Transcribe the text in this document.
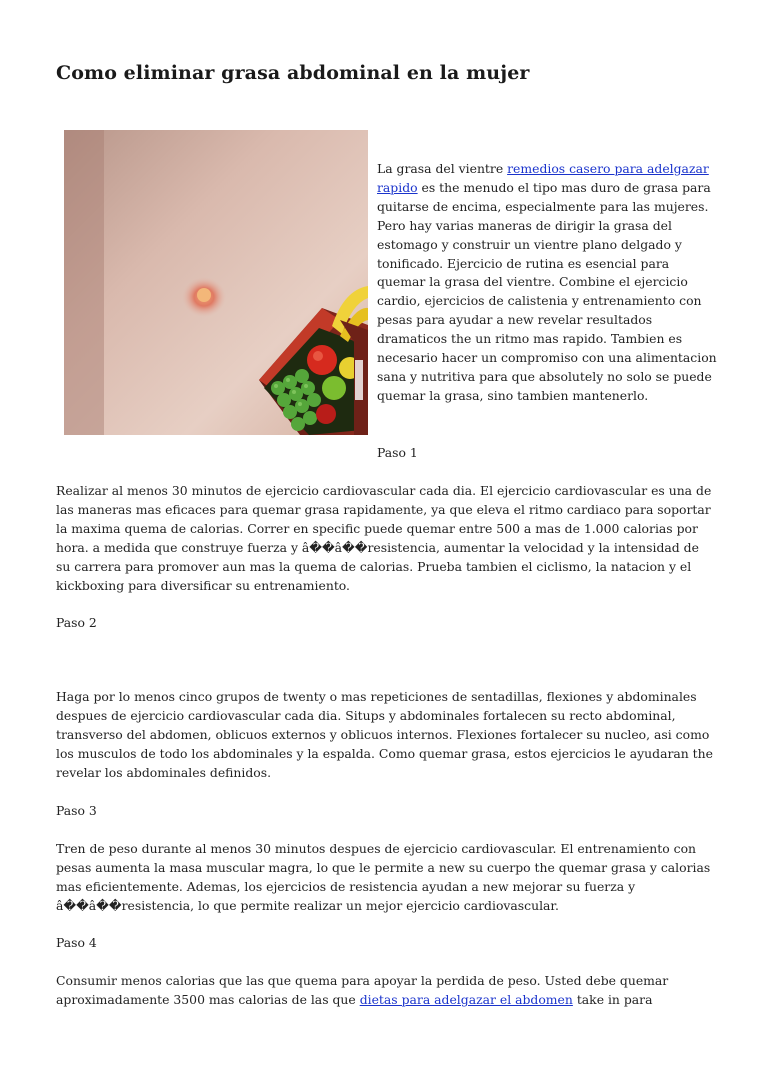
Como eliminar grasa abdominal en la mujer

La grasa del vientre remedios casero para adelgazar rapido es the menudo el tipo mas duro de grasa para quitarse de encima, especialmente para las mujeres. Pero hay varias maneras de dirigir la grasa del estomago y construir un vientre plano delgado y tonificado. Ejercicio de rutina es esencial para quemar la grasa del vientre. Combine el ejercicio cardio, ejercicios de calistenia y entrenamiento con pesas para ayudar a new revelar resultados dramaticos the un ritmo mas rapido. Tambien es necesario hacer un compromiso con una alimentacion sana y nutritiva para que absolutely no solo se puede quemar la grasa, sino tambien mantenerlo.

Paso 1

Realizar al menos 30 minutos de ejercicio cardiovascular cada dia. El ejercicio cardiovascular es una de las maneras mas eficaces para quemar grasa rapidamente, ya que eleva el ritmo cardiaco para soportar la maxima quema de calorias. Correr en specific puede quemar entre 500 a mas de 1.000 calorias por hora. a medida que construye fuerza y â��â��resistencia, aumentar la velocidad y la intensidad de su carrera para promover aun mas la quema de calorias. Prueba tambien el ciclismo, la natacion y el kickboxing para diversificar su entrenamiento.

Paso 2

Haga por lo menos cinco grupos de twenty o mas repeticiones de sentadillas, flexiones y abdominales despues de ejercicio cardiovascular cada dia. Situps y abdominales fortalecen su recto abdominal, transverso del abdomen, oblicuos externos y oblicuos internos. Flexiones fortalecer su nucleo, asi como los musculos de todo los abdominales y la espalda. Como quemar grasa, estos ejercicios le ayudaran the revelar los abdominales definidos.

Paso 3

Tren de peso durante al menos 30 minutos despues de ejercicio cardiovascular. El entrenamiento con pesas aumenta la masa muscular magra, lo que le permite a new su cuerpo the quemar grasa y calorias mas eficientemente. Ademas, los ejercicios de resistencia ayudan a new mejorar su fuerza y â��â��resistencia, lo que permite realizar un mejor ejercicio cardiovascular.

Paso 4

Consumir menos calorias que las que quema para apoyar la perdida de peso. Usted debe quemar aproximadamente 3500 mas calorias de las que dietas para adelgazar el abdomen take in para
